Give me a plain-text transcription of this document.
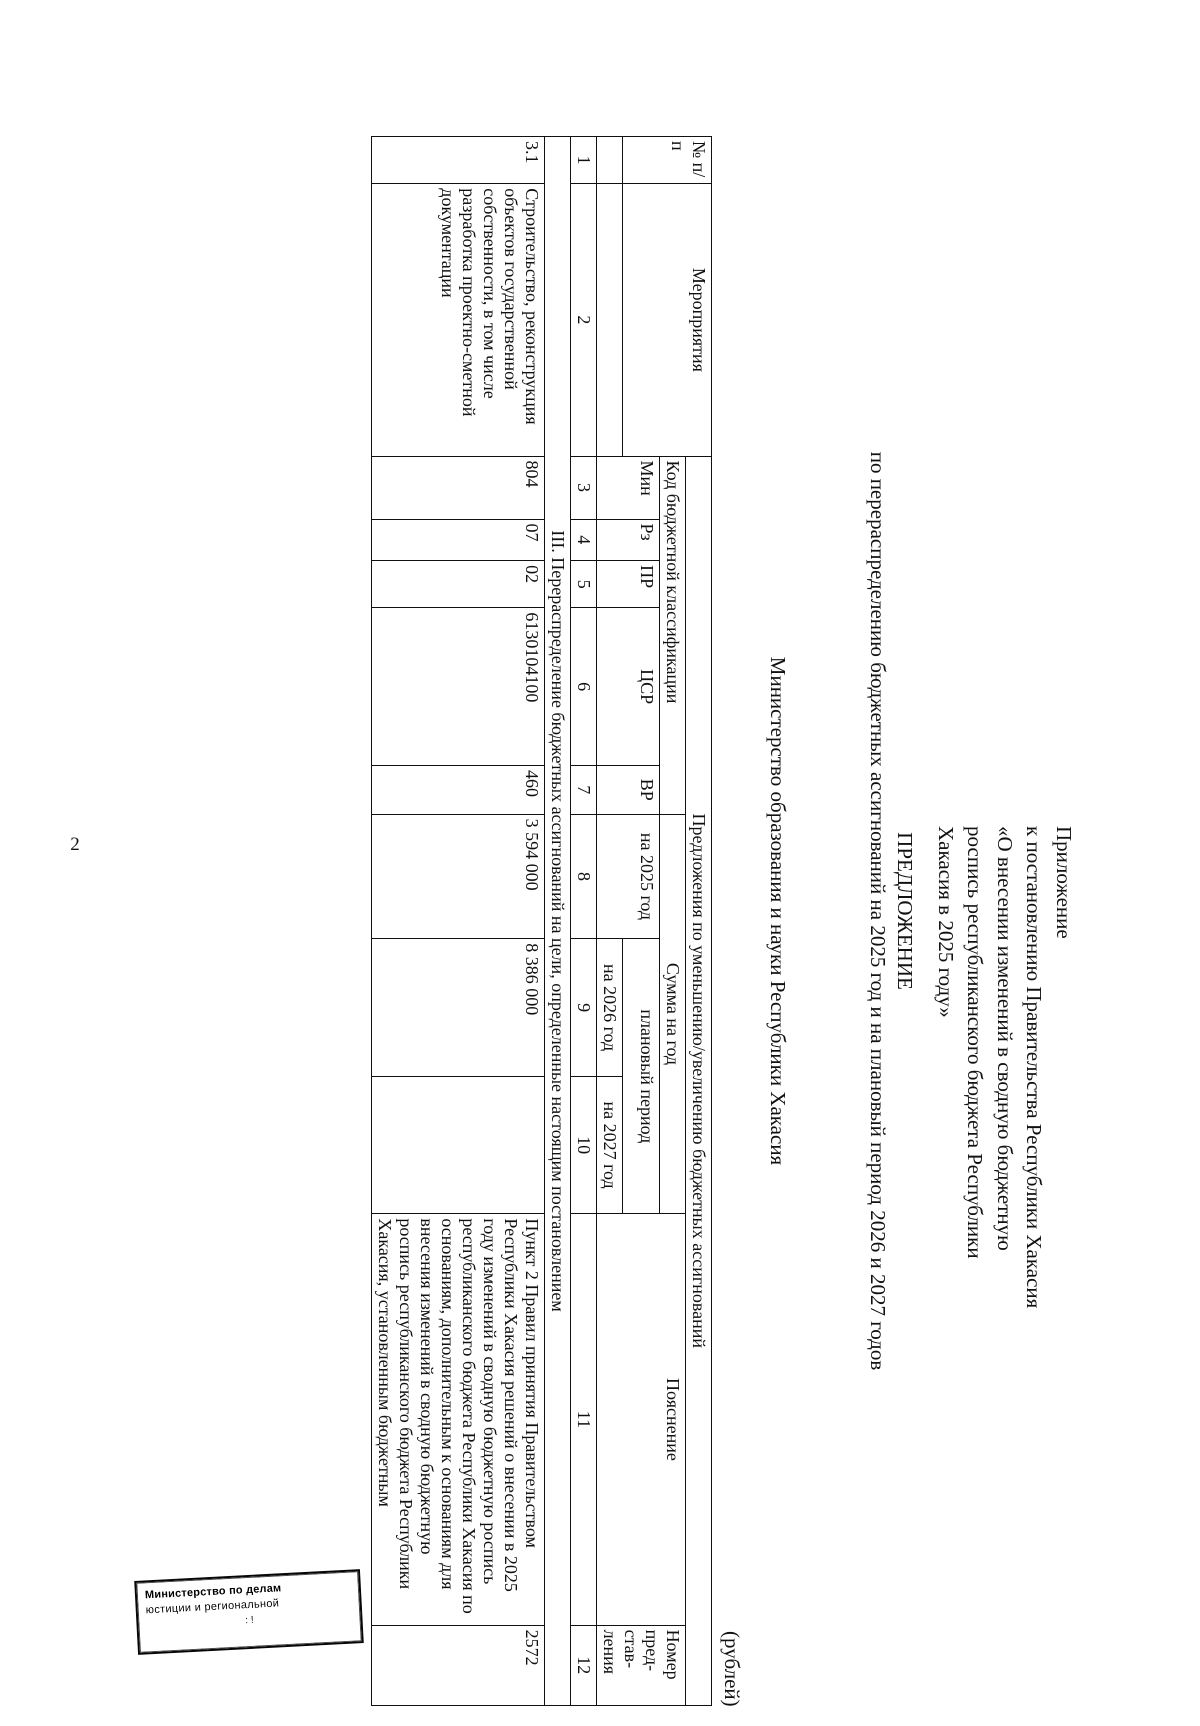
2
Министерство по делам
юстиции и региональной
: !
Приложение
к постановлению Правительства Республики Хакасия
«О внесении изменений в сводную бюджетную
роспись республиканского бюджета Республики
Хакасия в 2025 году»
ПРЕДЛОЖЕНИЕ
по перераспределению бюджетных ассигнований на 2025 год и на плановый период 2026 и 2027 годов
Министерство образования и науки Республики Хакасия
(рублей)
№ п/п	Мероприятия	Предложения по уменьшению/увеличению бюджетных ассигнований									
		Код бюджетной классификации					Сумма на год			Пояснение	Номер пред-став-ления
		Мин	Рз	ПР	ЦСР	ВР	на 2025 год	плановый период			
								на 2026 год	на 2027 год		
1	2	3	4	5	6	7	8	9	10	11	12
III. Перераспределение бюджетных ассигнований на цели, определенные настоящим постановлением											
3.1	Строительство, реконструкция объектов государственной собственности, в том числе разработка проектно-сметной документации	804	07	02	6130104100	460	3 594 000	8 386 000		Пункт 2 Правил принятия Правительством Республики Хакасия решений о внесении в 2025 году изменений в сводную бюджетную роспись республиканского бюджета Республики Хакасия по основаниям, дополнительным к основаниям для внесения изменений в сводную бюджетную роспись республиканского бюджета Республики Хакасия, установленным бюджетным	2572
